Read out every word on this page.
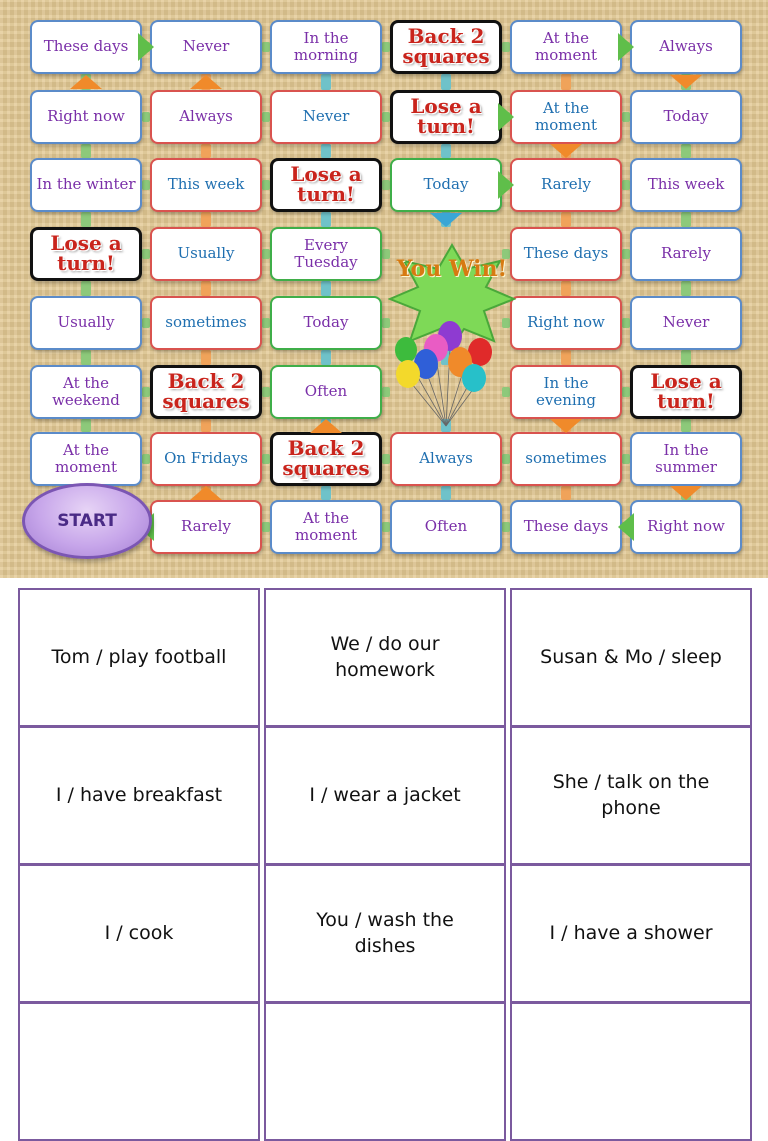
These days	Never	In the morning
Back 2 squares
At the moment	Always
Right now	Always	Never	Lose a turn!
At the moment	Today
In the winter	This week	Lose a turn!	Today	Rarely	This week
Lose a turn!	Usually	Every Tuesday	These days	Rarely
Usually	sometimes	Today	Right now	Never
At the weekend
Back 2 squares	Often	In the evening
Lose a turn!
At the moment	On Fridays	Back 2 squares	Always	sometimes	In the summer
Rarely	At the moment	Often	These days	Right now
You Win!
START
Tom / play football
We / do our homework
Susan & Mo / sleep
I / have breakfast	I / wear a jacket
She / talk on the phone
I / cook
You / wash the dishes
I / have a shower
